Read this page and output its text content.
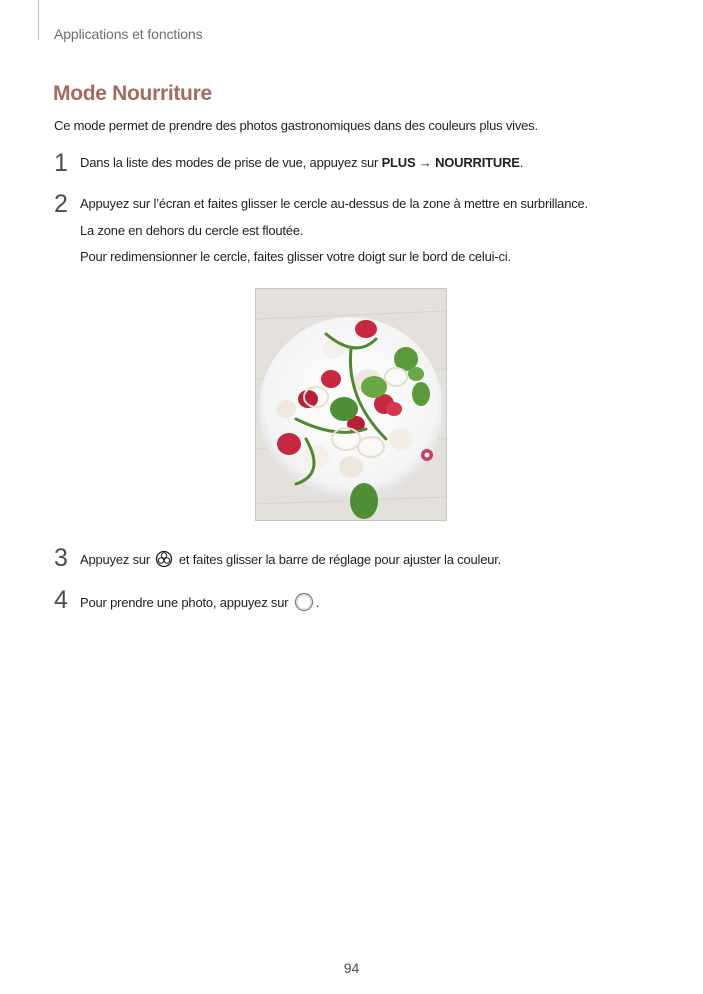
Applications et fonctions
Mode Nourriture
Ce mode permet de prendre des photos gastronomiques dans des couleurs plus vives.
1 Dans la liste des modes de prise de vue, appuyez sur PLUS → NOURRITURE.
2 Appuyez sur l’écran et faites glisser le cercle au-dessus de la zone à mettre en surbrillance.
La zone en dehors du cercle est floutée.
Pour redimensionner le cercle, faites glisser votre doigt sur le bord de celui-ci.
3 Appuyez sur  et faites glisser la barre de réglage pour ajuster la couleur.
4 Pour prendre une photo, appuyez sur .
94
